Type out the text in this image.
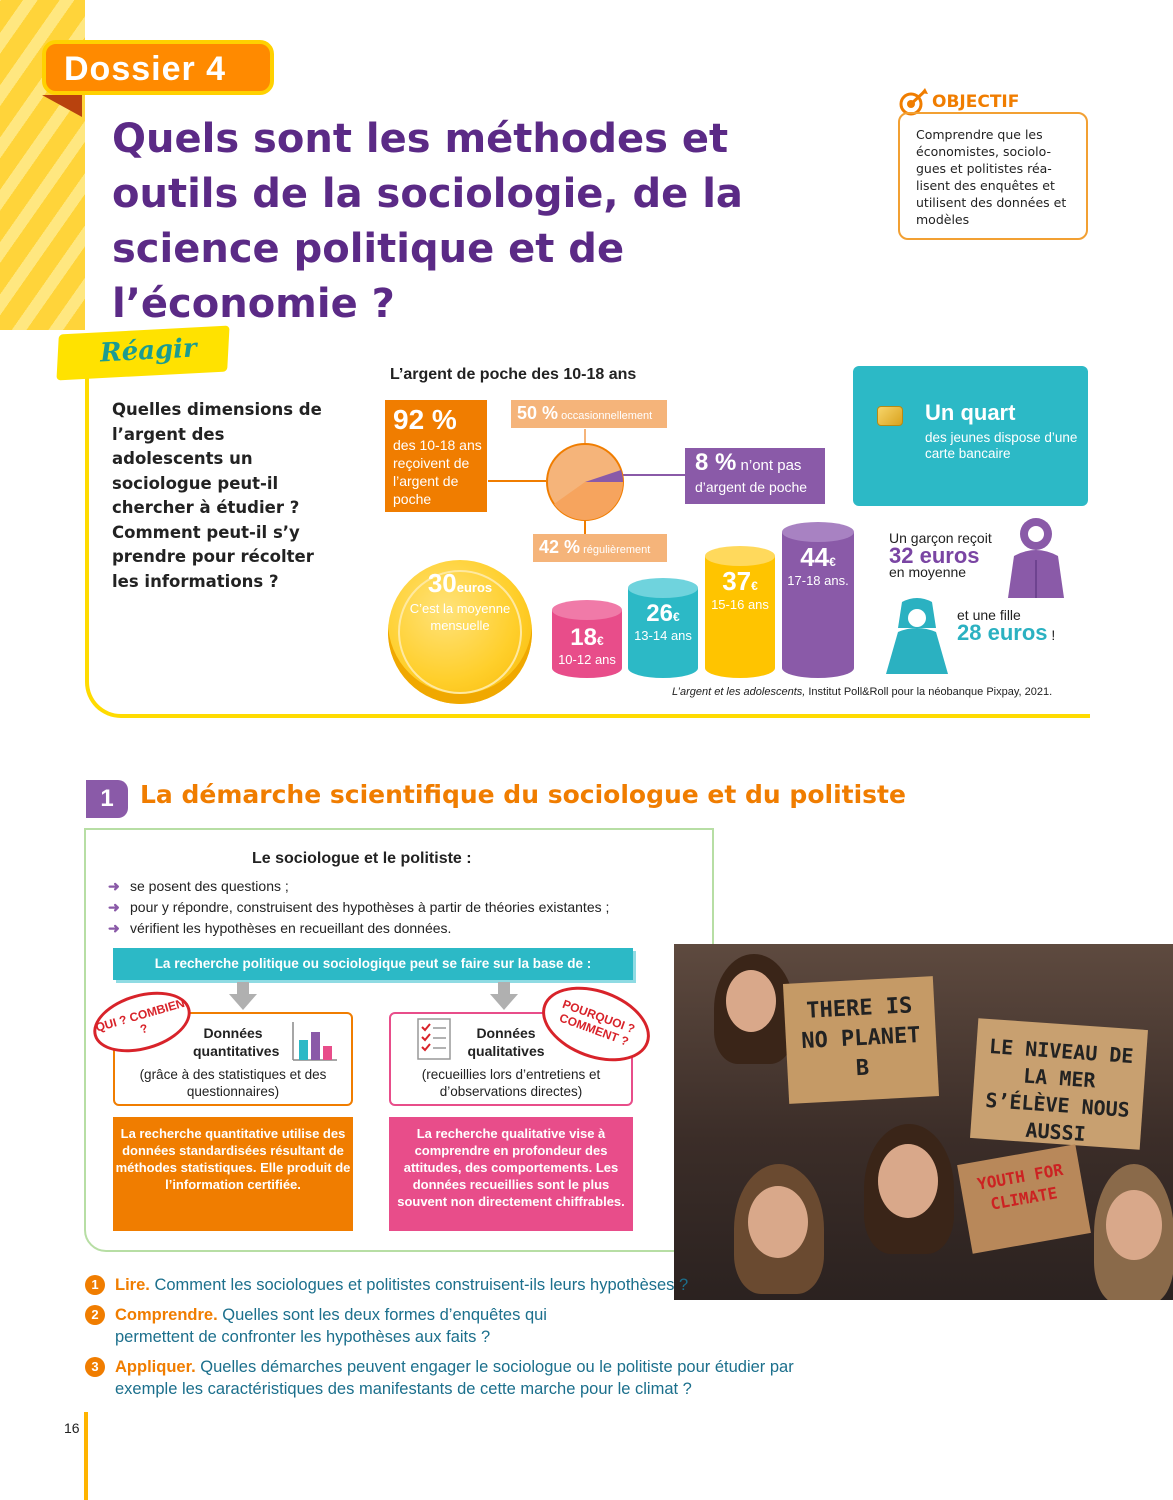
Dossier 4
Quels sont les méthodes et outils de la sociologie, de la science politique et de l’économie ?
OBJECTIF
Comprendre que les économistes, sociolo-gues et politistes réa-lisent des enquêtes et utilisent des données et modèles
Réagir

Quelles dimensions de l’argent des adolescents un sociologue peut-il chercher à étudier ? Comment peut-il s’y prendre pour récolter les informations ?

L’argent de poche des 10-18 ans
92 %
des 10-18 ans reçoivent de l’argent de poche
50 % occasionnellement
42 % régulièrement
8 % n’ont pas
d’argent de poche
Un quart
des jeunes dispose d’une carte bancaire
30euros
C’est la moyenne mensuelle	18€
10-12 ans
26€
13-14 ans
37€
15-16 ans
44€
17-18 ans.
Un garçon reçoit
32 euros
en moyenne
et une fille
28 euros !
L’argent et les adolescents, Institut Poll&Roll pour la néobanque Pixpay, 2021.
1	La démarche scientifique du sociologue et du politiste
Le sociologue et le politiste :
➜ se posent des questions ;
➜ pour y répondre, construisent des hypothèses à partir de théories existantes ;
➜ vérifient les hypothèses en recueillant des données.
La recherche politique ou sociologique peut se faire sur la base de :
Données quantitatives
(grâce à des statistiques et des questionnaires)
QUI ? COMBIEN ?	Données qualitatives
(recueillies lors d’entretiens et d’observations directes)
POURQUOI ? COMMENT ?
La recherche quantitative utilise des données standardisées résultant de méthodes statistiques. Elle produit de l’information certifiée.
La recherche qualitative vise à comprendre en profondeur des attitudes, des comportements. Les données recueillies sont le plus souvent non directement chiffrables.
THERE IS NO PLANET B
LE NIVEAU DE LA MER S’ÉLÈVE NOUS AUSSI
YOUTH FOR CLIMATE
1 Lire. Comment les sociologues et politistes construisent-ils leurs hypothèses ?
2 Comprendre. Quelles sont les deux formes d’enquêtes qui permettent de confronter les hypothèses aux faits ?
3 Appliquer. Quelles démarches peuvent engager le sociologue ou le politiste pour étudier par exemple les caractéristiques des manifestants de cette marche pour le climat ?
16
